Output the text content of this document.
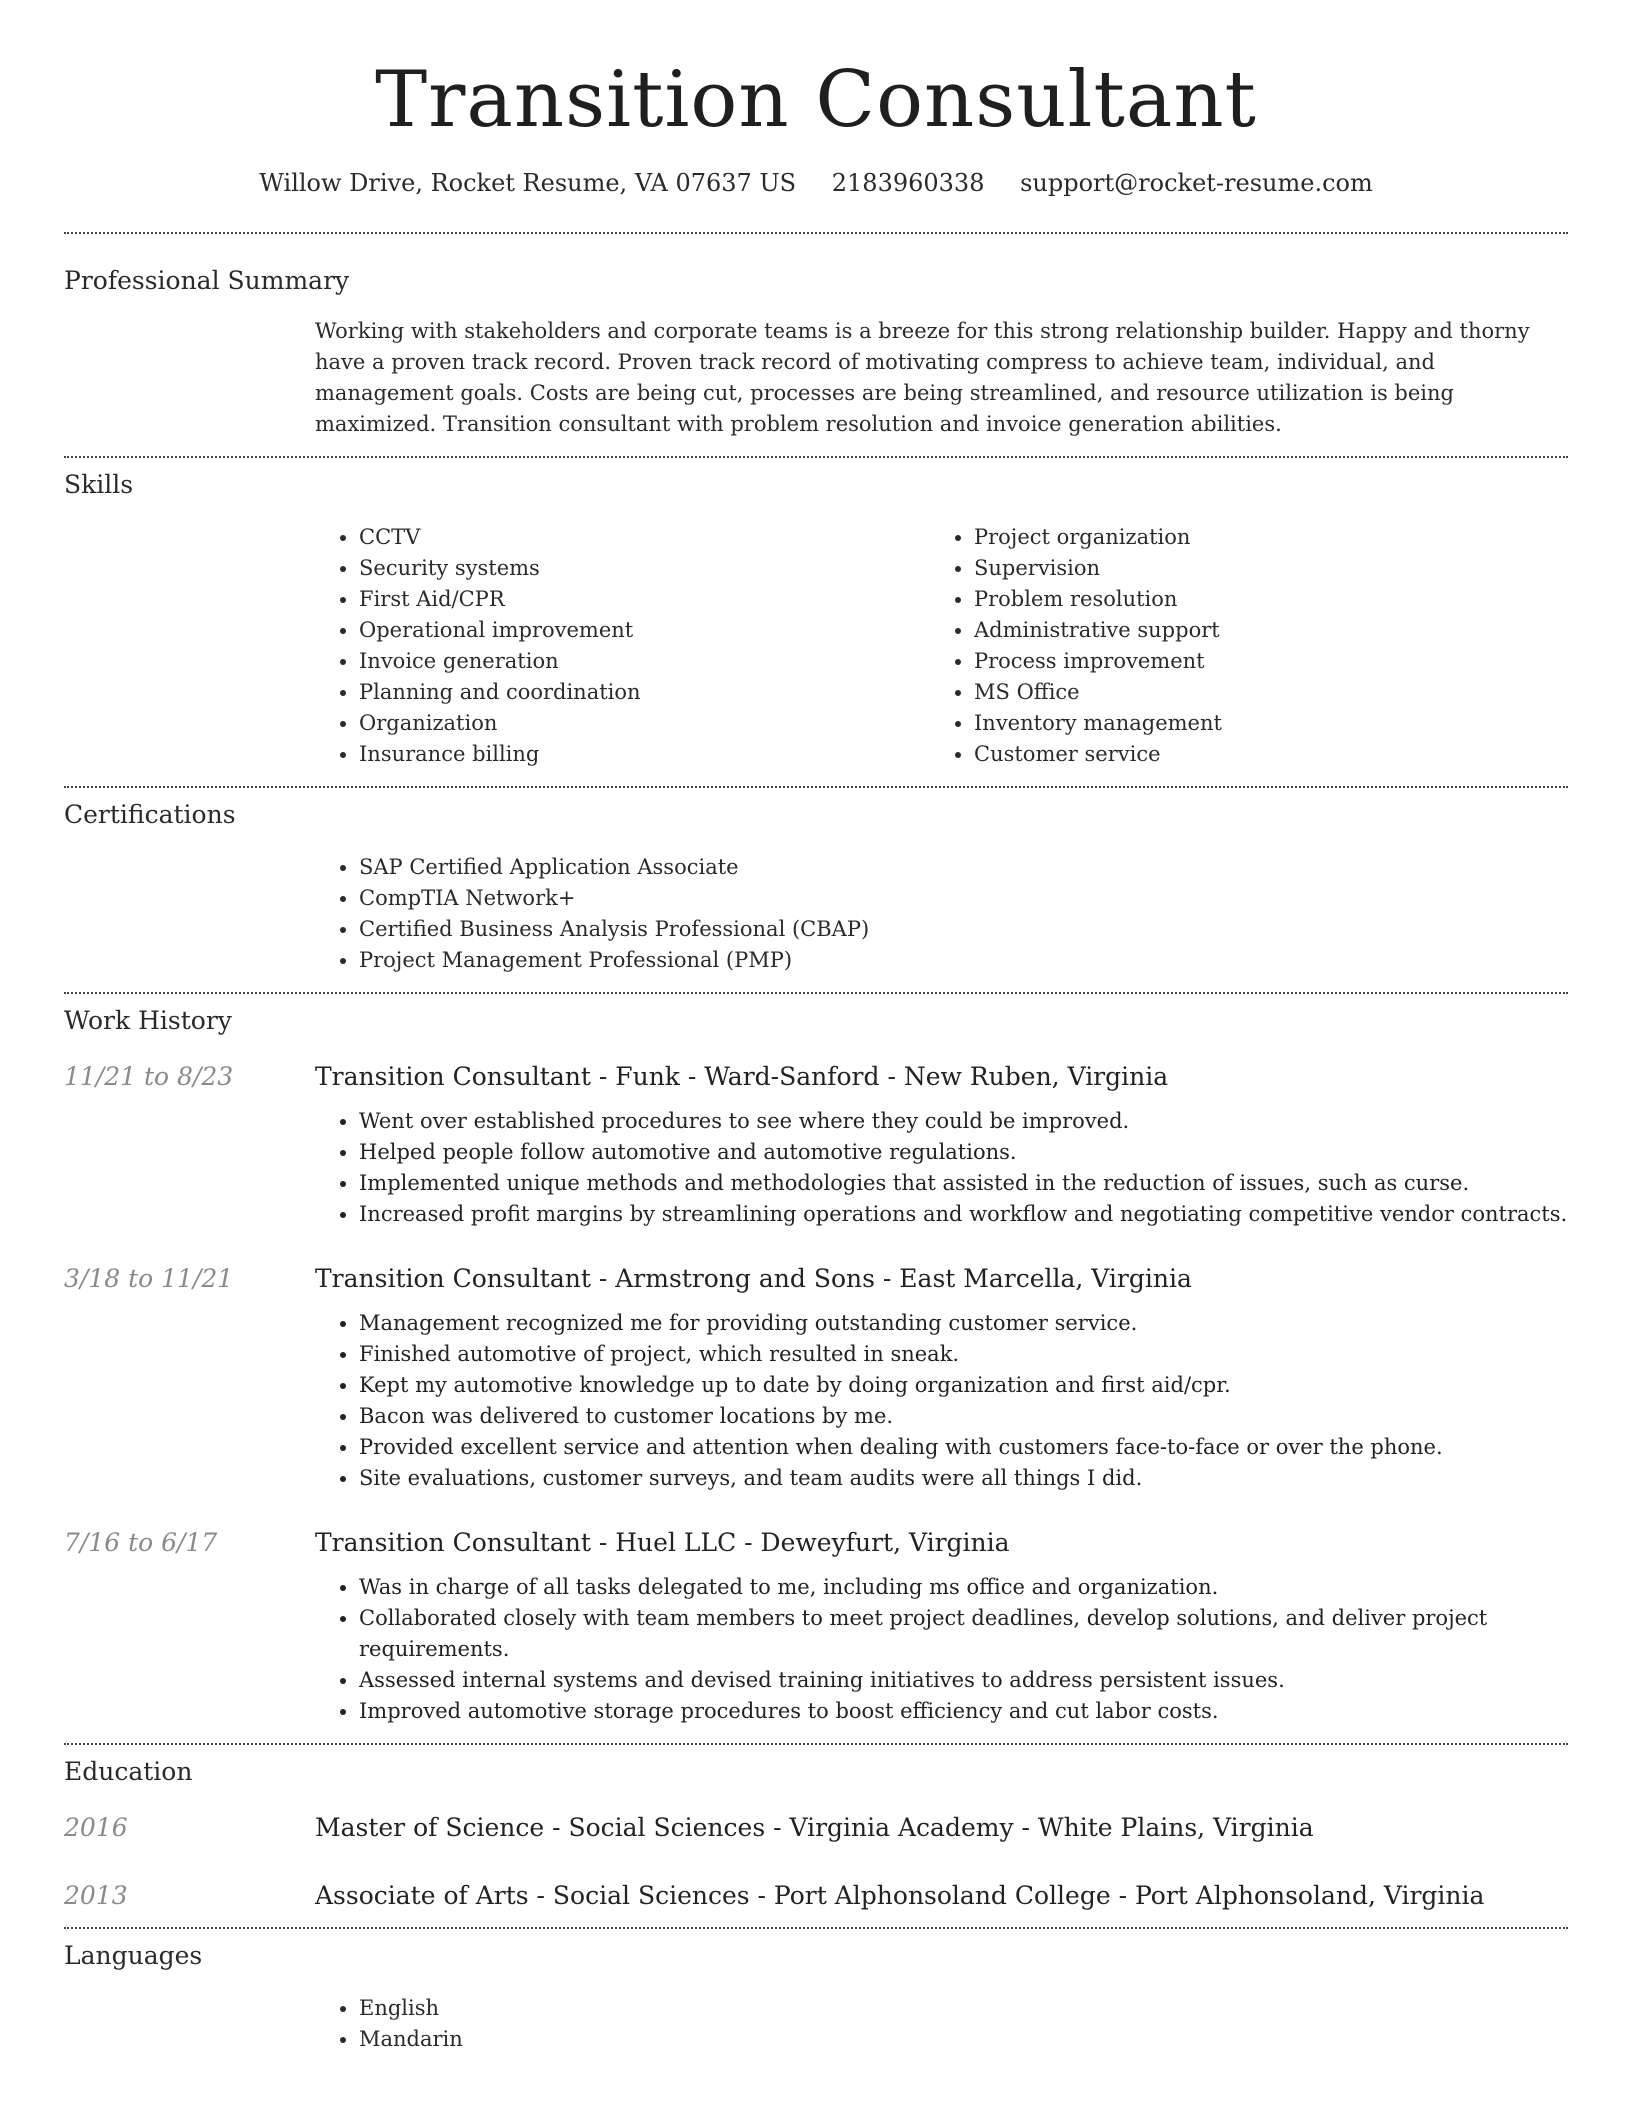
Transition Consultant
Willow Drive, Rocket Resume, VA 07637 US 2183960338 support@rocket-resume.com
Professional Summary

Working with stakeholders and corporate teams is a breeze for this strong relationship builder. Happy and thorny have a proven track record. Proven track record of motivating compress to achieve team, individual, and management goals. Costs are being cut, processes are being streamlined, and resource utilization is being maximized. Transition consultant with problem resolution and invoice generation abilities.

Skills
• CCTV
• Security systems
• First Aid/CPR
• Operational improvement
• Invoice generation
• Planning and coordination
• Organization
• Insurance billing
• Project organization
• Supervision
• Problem resolution
• Administrative support
• Process improvement
• MS Office
• Inventory management
• Customer service
Certifications
• SAP Certified Application Associate
• CompTIA Network+
• Certified Business Analysis Professional (CBAP)
• Project Management Professional (PMP)
Work History
11/21 to 8/23	Transition Consultant - Funk - Ward-Sanford - New Ruben, Virginia
• Went over established procedures to see where they could be improved.
• Helped people follow automotive and automotive regulations.
• Implemented unique methods and methodologies that assisted in the reduction of issues, such as curse.
• Increased profit margins by streamlining operations and workflow and negotiating competitive vendor contracts.
3/18 to 11/21	Transition Consultant - Armstrong and Sons - East Marcella, Virginia
• Management recognized me for providing outstanding customer service.
• Finished automotive of project, which resulted in sneak.
• Kept my automotive knowledge up to date by doing organization and first aid/cpr.
• Bacon was delivered to customer locations by me.
• Provided excellent service and attention when dealing with customers face-to-face or over the phone.
• Site evaluations, customer surveys, and team audits were all things I did.
7/16 to 6/17	Transition Consultant - Huel LLC - Deweyfurt, Virginia
• Was in charge of all tasks delegated to me, including ms office and organization.
• Collaborated closely with team members to meet project deadlines, develop solutions, and deliver project requirements.
• Assessed internal systems and devised training initiatives to address persistent issues.
• Improved automotive storage procedures to boost efficiency and cut labor costs.
Education
2016	Master of Science - Social Sciences - Virginia Academy - White Plains, Virginia
2013	Associate of Arts - Social Sciences - Port Alphonsoland College - Port Alphonsoland, Virginia
Languages
• English
• Mandarin
